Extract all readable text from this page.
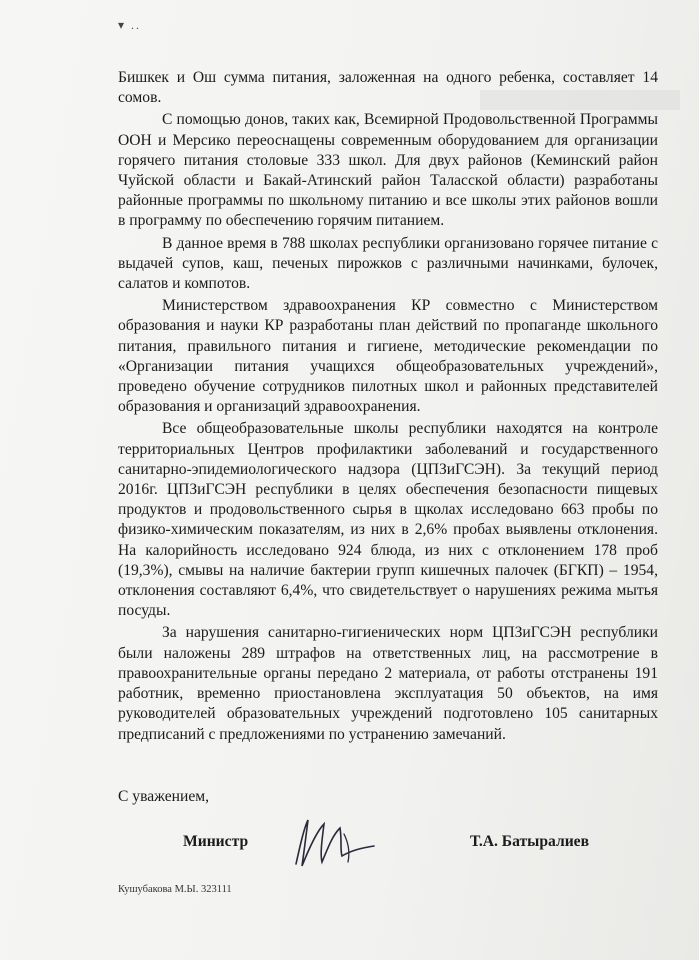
▾ ..

Бишкек и Ош сумма питания, заложенная на одного ребенка, составляет 14 сомов.

С помощью донов, таких как, Всемирной Продовольственной Программы ООН и Мерсико переоснащены современным оборудованием для организации горячего питания столовые 333 школ. Для двух районов (Кеминский район Чуйской области и Бакай-Атинский район Таласской области) разработаны районные программы по школьному питанию и все школы этих районов вошли в программу по обеспечению горячим питанием.

В данное время в 788 школах республики организовано горячее питание с выдачей супов, каш, печеных пирожков с различными начинками, булочек, салатов и компотов.

Министерством здравоохранения КР совместно с Министерством образования и науки КР разработаны план действий по пропаганде школьного питания, правильного питания и гигиене, методические рекомендации по «Организации питания учащихся общеобразовательных учреждений», проведено обучение сотрудников пилотных школ и районных представителей образования и организаций здравоохранения.

Все общеобразовательные школы республики находятся на контроле территориальных Центров профилактики заболеваний и государственного санитарно-эпидемиологического надзора (ЦПЗиГСЭН). За текущий период 2016г. ЦПЗиГСЭН республики в целях обеспечения безопасности пищевых продуктов и продовольственного сырья в щколах исследовано 663 пробы по физико-химическим показателям, из них в 2,6% пробах выявлены отклонения. На калорийность исследовано 924 блюда, из них с отклонением 178 проб (19,3%), смывы на наличие бактерии групп кишечных палочек (БГКП) – 1954, отклонения составляют 6,4%, что свидетельствует о нарушениях режима мытья посуды.

За нарушения санитарно-гигиенических норм ЦПЗиГСЭН республики были наложены 289 штрафов на ответственных лиц, на рассмотрение в правоохранительные органы передано 2 материала, от работы отстранены 191 работник, временно приостановлена эксплуатация 50 объектов, на имя руководителей образовательных учреждений подготовлено 105 санитарных предписаний с предложениями по устранению замечаний.

С уважением,
Министр	Т.А. Батыралиев
Кушубакова М.Ы. 323111
